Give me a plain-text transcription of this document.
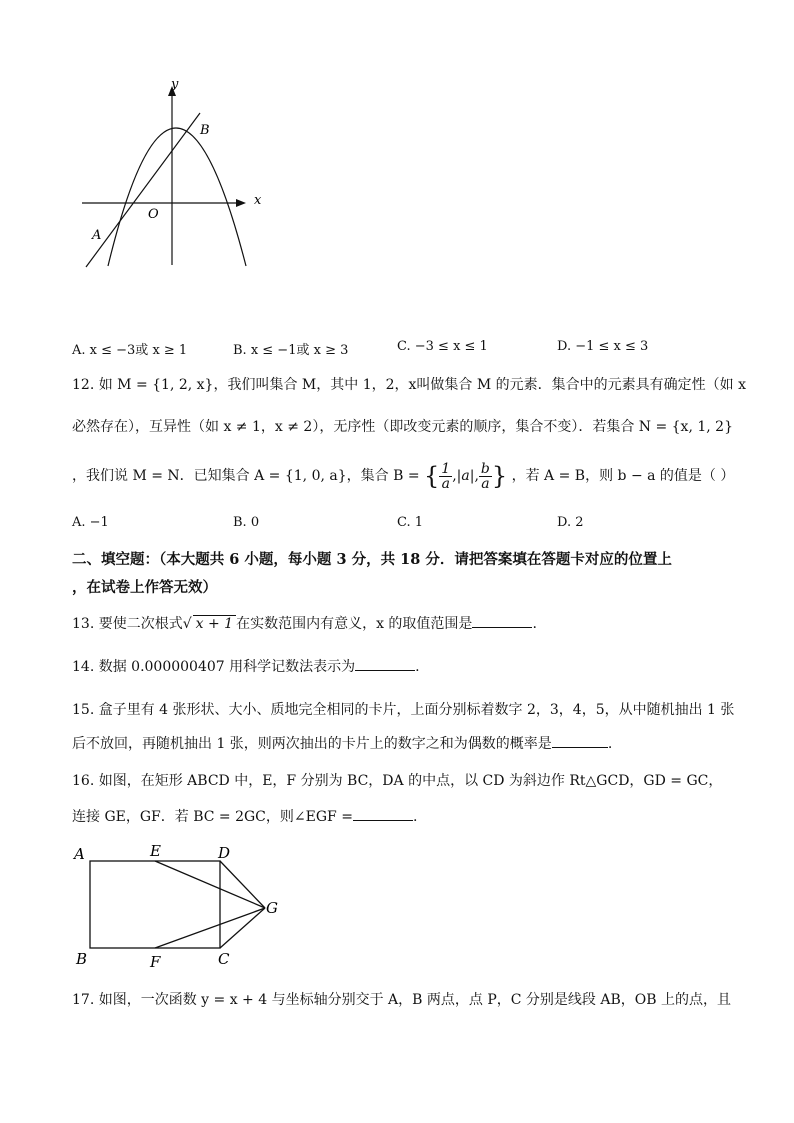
y
x
O
A
B
A. x ≤ −3或 x ≥ 1	B. x ≤ −1或 x ≥ 3	C. −3 ≤ x ≤ 1	D. −1 ≤ x ≤ 3
12. 如 M = {1, 2, x}，我们叫集合 M，其中 1，2，x叫做集合 M 的元素．集合中的元素具有确定性（如 x
必然存在），互异性（如 x ≠ 1，x ≠ 2），无序性（即改变元素的顺序，集合不变）．若集合 N = {x, 1, 2}
，我们说 M = N．已知集合 A = {1, 0, a}，集合 B = { $\frac{1}{a} ,|a|$, $\frac{b}{a}$ } ，若 A = B，则 b − a 的值是（ ）
A. −1	B. 0	C. 1	D. 2
二、填空题：（本大题共 6 小题，每小题 3 分，共 18 分．请把答案填在答题卡对应的位置上
，在试卷上作答无效）
13. 要使二次根式√ x + 1 在实数范围内有意义，x 的取值范围是	.
14. 数据 0.000000407 用科学记数法表示为	.
15. 盒子里有 4 张形状、大小、质地完全相同的卡片，上面分别标着数字 2，3，4，5，从中随机抽出 1 张
后不放回，再随机抽出 1 张，则两次抽出的卡片上的数字之和为偶数的概率是	.
16. 如图，在矩形 ABCD 中，E，F 分别为 BC，DA 的中点，以 CD 为斜边作 Rt△GCD，GD = GC，
连接 GE，GF．若 BC = 2GC，则∠EGF =	.
A
B	C
D
E
F
G
17. 如图，一次函数 y = x + 4 与坐标轴分别交于 A，B 两点，点 P，C 分别是线段 AB，OB 上的点，且
